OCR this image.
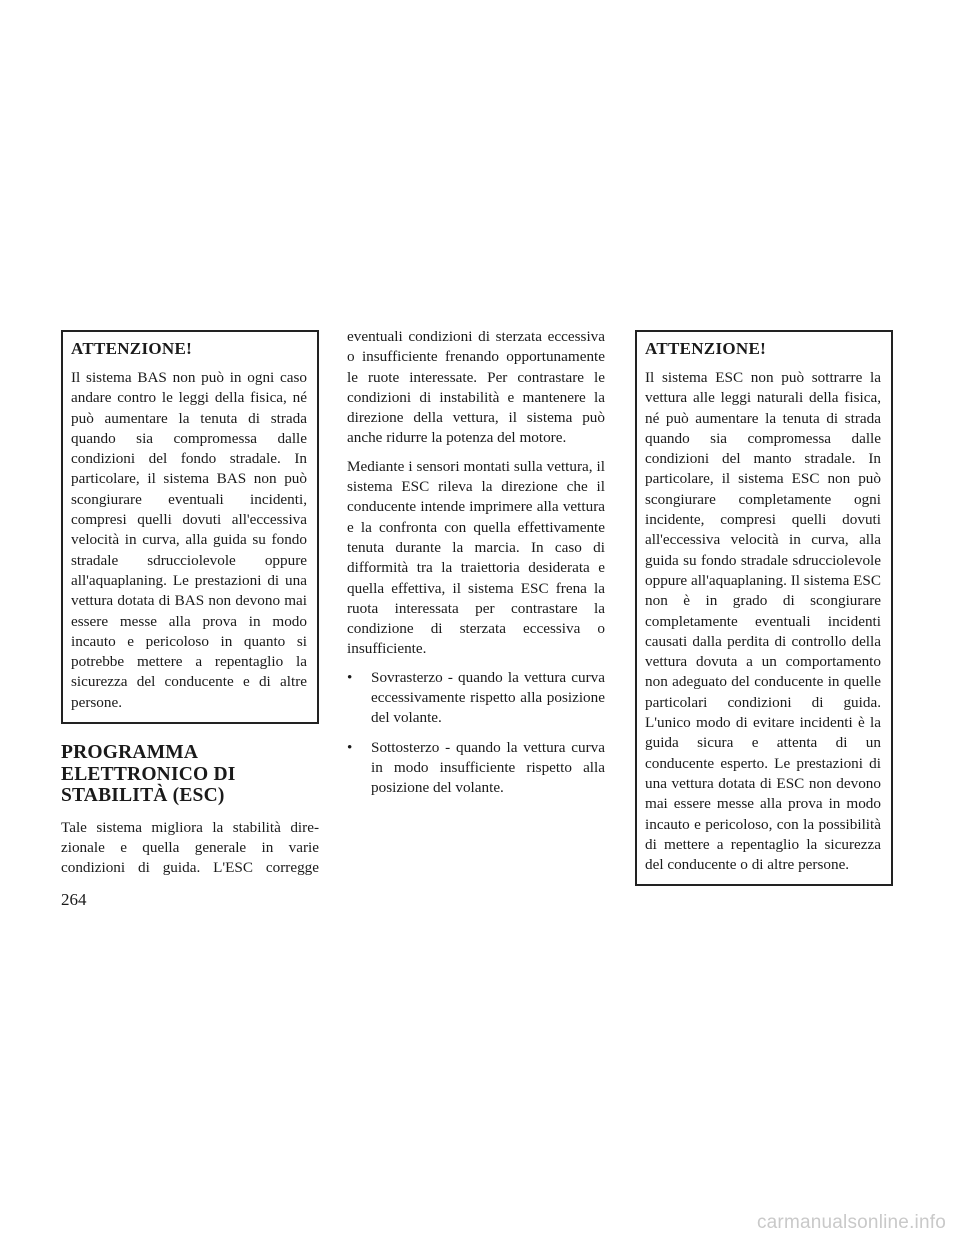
ATTENZIONE!

Il sistema BAS non può in ogni caso andare contro le leggi della fisica, né può aumentare la tenuta di strada quando sia compromessa dalle condizioni del fondo stradale. In particolare, il sistema BAS non può scongiurare eventuali incidenti, compresi quelli dovuti all'eccessiva velocità in curva, alla guida su fondo stradale sdrucciolevole oppure all'aquaplaning. Le prestazioni di una vettura dotata di BAS non devono mai essere messe alla prova in modo incauto e pericoloso in quanto si potrebbe mettere a repentaglio la sicurezza del conducente e di altre persone.

PROGRAMMA
ELETTRONICO DI
STABILITÀ (ESC)

Tale sistema migliora la stabilità direzionale e quella generale in varie condizioni di guida. L'ESC corregge

eventuali condizioni di sterzata eccessiva o insufficiente frenando opportunamente le ruote interessate. Per contrastare le condizioni di instabilità e mantenere la direzione della vettura, il sistema può anche ridurre la potenza del motore.

Mediante i sensori montati sulla vettura, il sistema ESC rileva la direzione che il conducente intende imprimere alla vettura e la confronta con quella effettivamente tenuta durante la marcia. In caso di difformità tra la traiettoria desiderata e quella effettiva, il sistema ESC frena la ruota interessata per contrastare la condizione di sterzata eccessiva o insufficiente.

• Sovrasterzo - quando la vettura curva eccessivamente rispetto alla posizione del volante.
• Sottosterzo - quando la vettura curva in modo insufficiente rispetto alla posizione del volante.
ATTENZIONE!

Il sistema ESC non può sottrarre la vettura alle leggi naturali della fisica, né può aumentare la tenuta di strada quando sia compromessa dalle condizioni del manto stradale. In particolare, il sistema ESC non può scongiurare completamente ogni incidente, compresi quelli dovuti all'eccessiva velocità in curva, alla guida su fondo stradale sdrucciolevole oppure all'aquaplaning. Il sistema ESC non è in grado di scongiurare completamente eventuali incidenti causati dalla perdita di controllo della vettura dovuta a un comportamento non adeguato del conducente in quelle particolari condizioni di guida. L'unico modo di evitare incidenti è la guida sicura e attenta di un conducente esperto. Le prestazioni di una vettura dotata di ESC non devono mai essere messe alla prova in modo incauto e pericoloso, con la possibilità di mettere a repentaglio la sicurezza del conducente o di altre persone.

264
carmanualsonline.info
